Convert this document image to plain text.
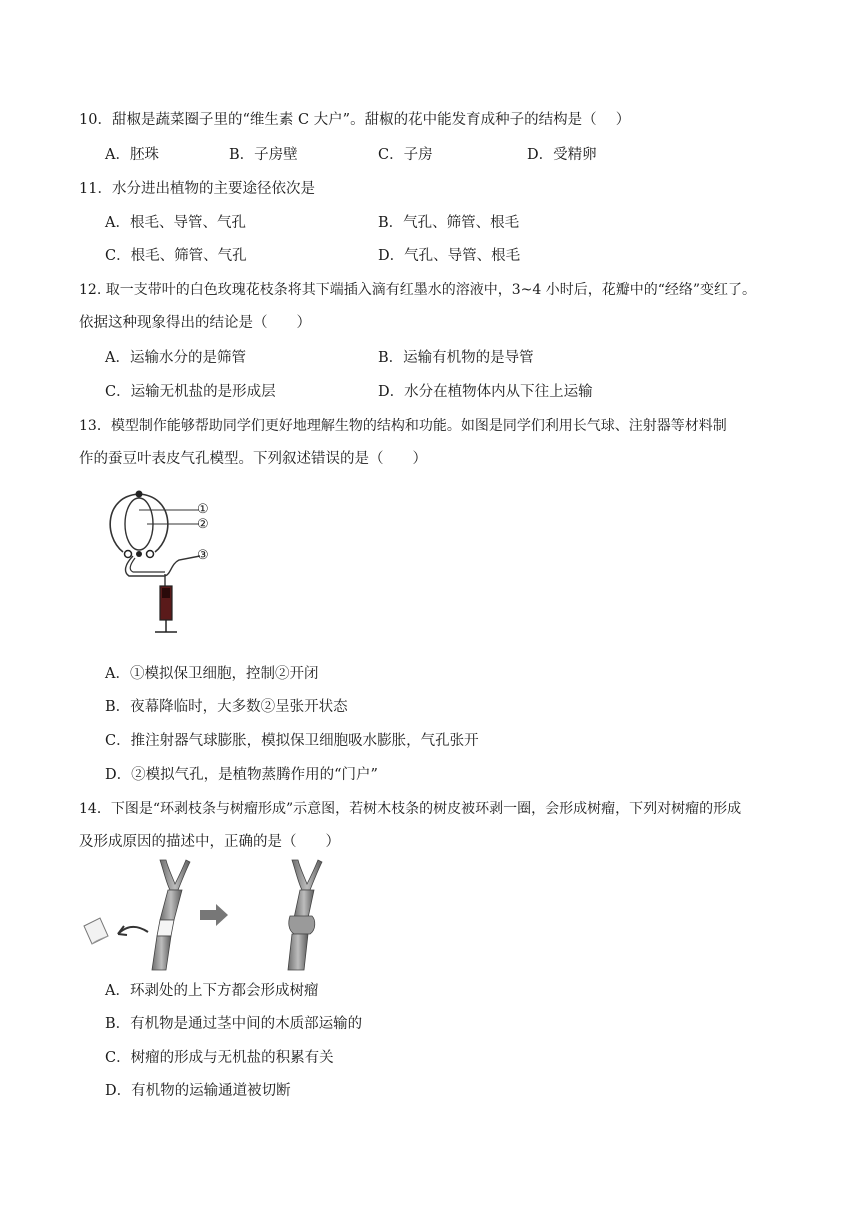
10．甜椒是蔬菜圈子里的“维生素 C 大户”。甜椒的花中能发育成种子的结构是（　 ）
A．胚珠	B．子房壁	C．子房	D．受精卵
11．水分进出植物的主要途径依次是
A．根毛、导管、气孔	B．气孔、筛管、根毛
C．根毛、筛管、气孔	D．气孔、导管、根毛
12. 取一支带叶的白色玫瑰花枝条将其下端插入滴有红墨水的溶液中，3~4 小时后，花瓣中的“经络”变红了。
依据这种现象得出的结论是（　　）
A．运输水分的是筛管	B．运输有机物的是导管
C．运输无机盐的是形成层	D．水分在植物体内从下往上运输
13．模型制作能够帮助同学们更好地理解生物的结构和功能。如图是同学们利用长气球、注射器等材料制
作的蚕豆叶表皮气孔模型。下列叙述错误的是（　　）
①
②
③
A．①模拟保卫细胞，控制②开闭
B．夜幕降临时，大多数②呈张开状态
C．推注射器气球膨胀，模拟保卫细胞吸水膨胀，气孔张开
D．②模拟气孔，是植物蒸腾作用的“门户”
14．下图是“环剥枝条与树瘤形成”示意图，若树木枝条的树皮被环剥一圈，会形成树瘤，下列对树瘤的形成
及形成原因的描述中，正确的是（　　）
A．环剥处的上下方都会形成树瘤
B．有机物是通过茎中间的木质部运输的
C．树瘤的形成与无机盐的积累有关
D．有机物的运输通道被切断
